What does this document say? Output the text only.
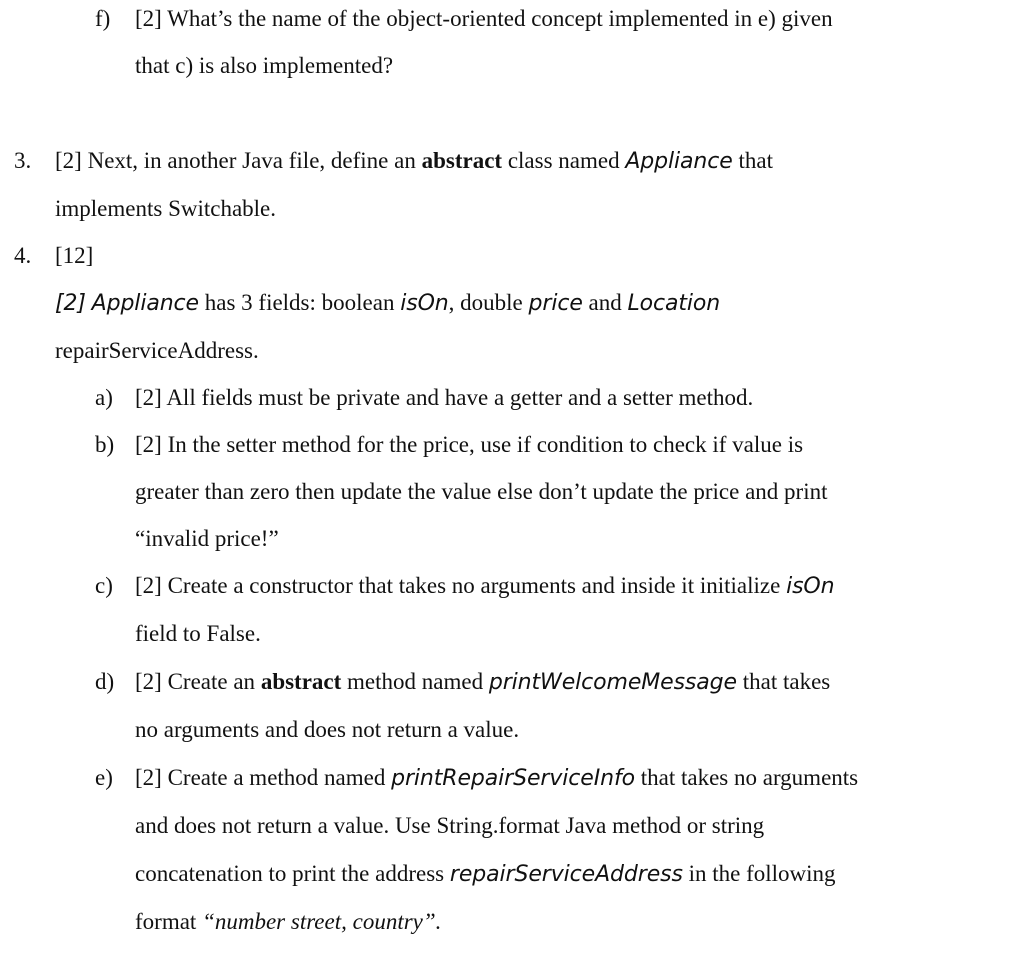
f) [2] What’s the name of the object-oriented concept implemented in e) given
that c) is also implemented?
3. [2] Next, in another Java file, define an abstract class named Appliance that
implements Switchable.
4. [12]
[2] Appliance has 3 fields: boolean isOn, double price and Location
repairServiceAddress.
a) [2] All fields must be private and have a getter and a setter method.
b) [2] In the setter method for the price, use if condition to check if value is
greater than zero then update the value else don’t update the price and print
“invalid price!”
c) [2] Create a constructor that takes no arguments and inside it initialize isOn
field to False.
d) [2] Create an abstract method named printWelcomeMessage that takes
no arguments and does not return a value.
e) [2] Create a method named printRepairServiceInfo that takes no arguments
and does not return a value. Use String.format Java method or string
concatenation to print the address repairServiceAddress in the following
format “number street, country”.
